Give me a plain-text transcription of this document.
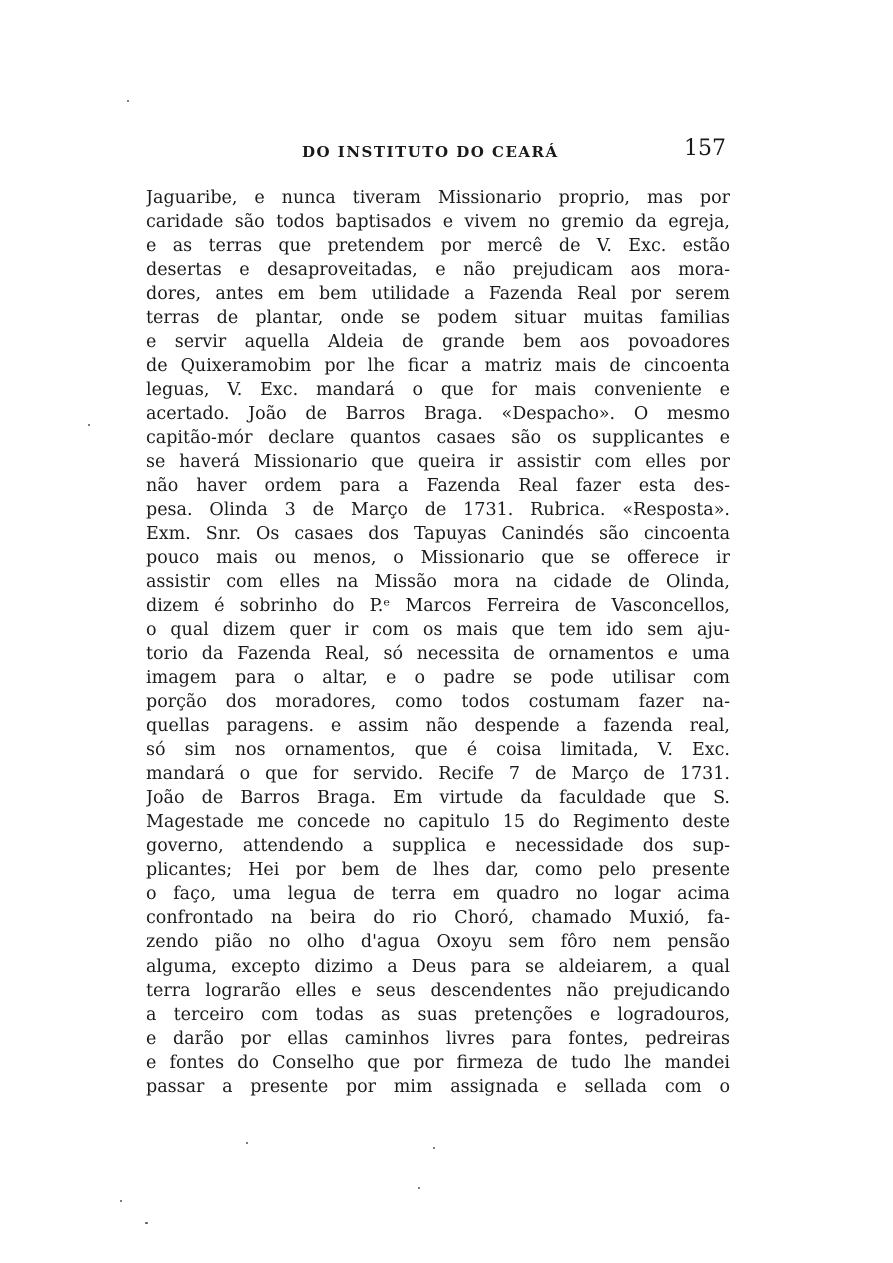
DO INSTITUTO DO CEARÁ	157
Jaguaribe, e nunca tiveram Missionario proprio, mas por
caridade são todos baptisados e vivem no gremio da egreja,
e as terras que pretendem por mercê de V. Exc. estão
desertas e desaproveitadas, e não prejudicam aos mora-
dores, antes em bem utilidade a Fazenda Real por serem
terras de plantar, onde se podem situar muitas familias
e servir aquella Aldeia de grande bem aos povoadores
de Quixeramobim por lhe ficar a matriz mais de cincoenta
leguas, V. Exc. mandará o que for mais conveniente e
acertado. João de Barros Braga. «Despacho». O mesmo
capitão-mór declare quantos casaes são os supplicantes e
se haverá Missionario que queira ir assistir com elles por
não haver ordem para a Fazenda Real fazer esta des-
pesa. Olinda 3 de Março de 1731. Rubrica. «Resposta».
Exm. Snr. Os casaes dos Tapuyas Canindés são cincoenta
pouco mais ou menos, o Missionario que se offerece ir
assistir com elles na Missão mora na cidade de Olinda,
dizem é sobrinho do P.ᵉ Marcos Ferreira de Vasconcellos,
o qual dizem quer ir com os mais que tem ido sem aju-
torio da Fazenda Real, só necessita de ornamentos e uma
imagem para o altar, e o padre se pode utilisar com
porção dos moradores, como todos costumam fazer na-
quellas paragens. e assim não despende a fazenda real,
só sim nos ornamentos, que é coisa limitada, V. Exc.
mandará o que for servido. Recife 7 de Março de 1731.
João de Barros Braga. Em virtude da faculdade que S.
Magestade me concede no capitulo 15 do Regimento deste
governo, attendendo a supplica e necessidade dos sup-
plicantes; Hei por bem de lhes dar, como pelo presente
o faço, uma legua de terra em quadro no logar acima
confrontado na beira do rio Choró, chamado Muxió, fa-
zendo pião no olho d'agua Oxoyu sem fôro nem pensão
alguma, excepto dizimo a Deus para se aldeiarem, a qual
terra lograrão elles e seus descendentes não prejudicando
a terceiro com todas as suas pretenções e logradouros,
e darão por ellas caminhos livres para fontes, pedreiras
e fontes do Conselho que por firmeza de tudo lhe mandei
passar a presente por mim assignada e sellada com o
